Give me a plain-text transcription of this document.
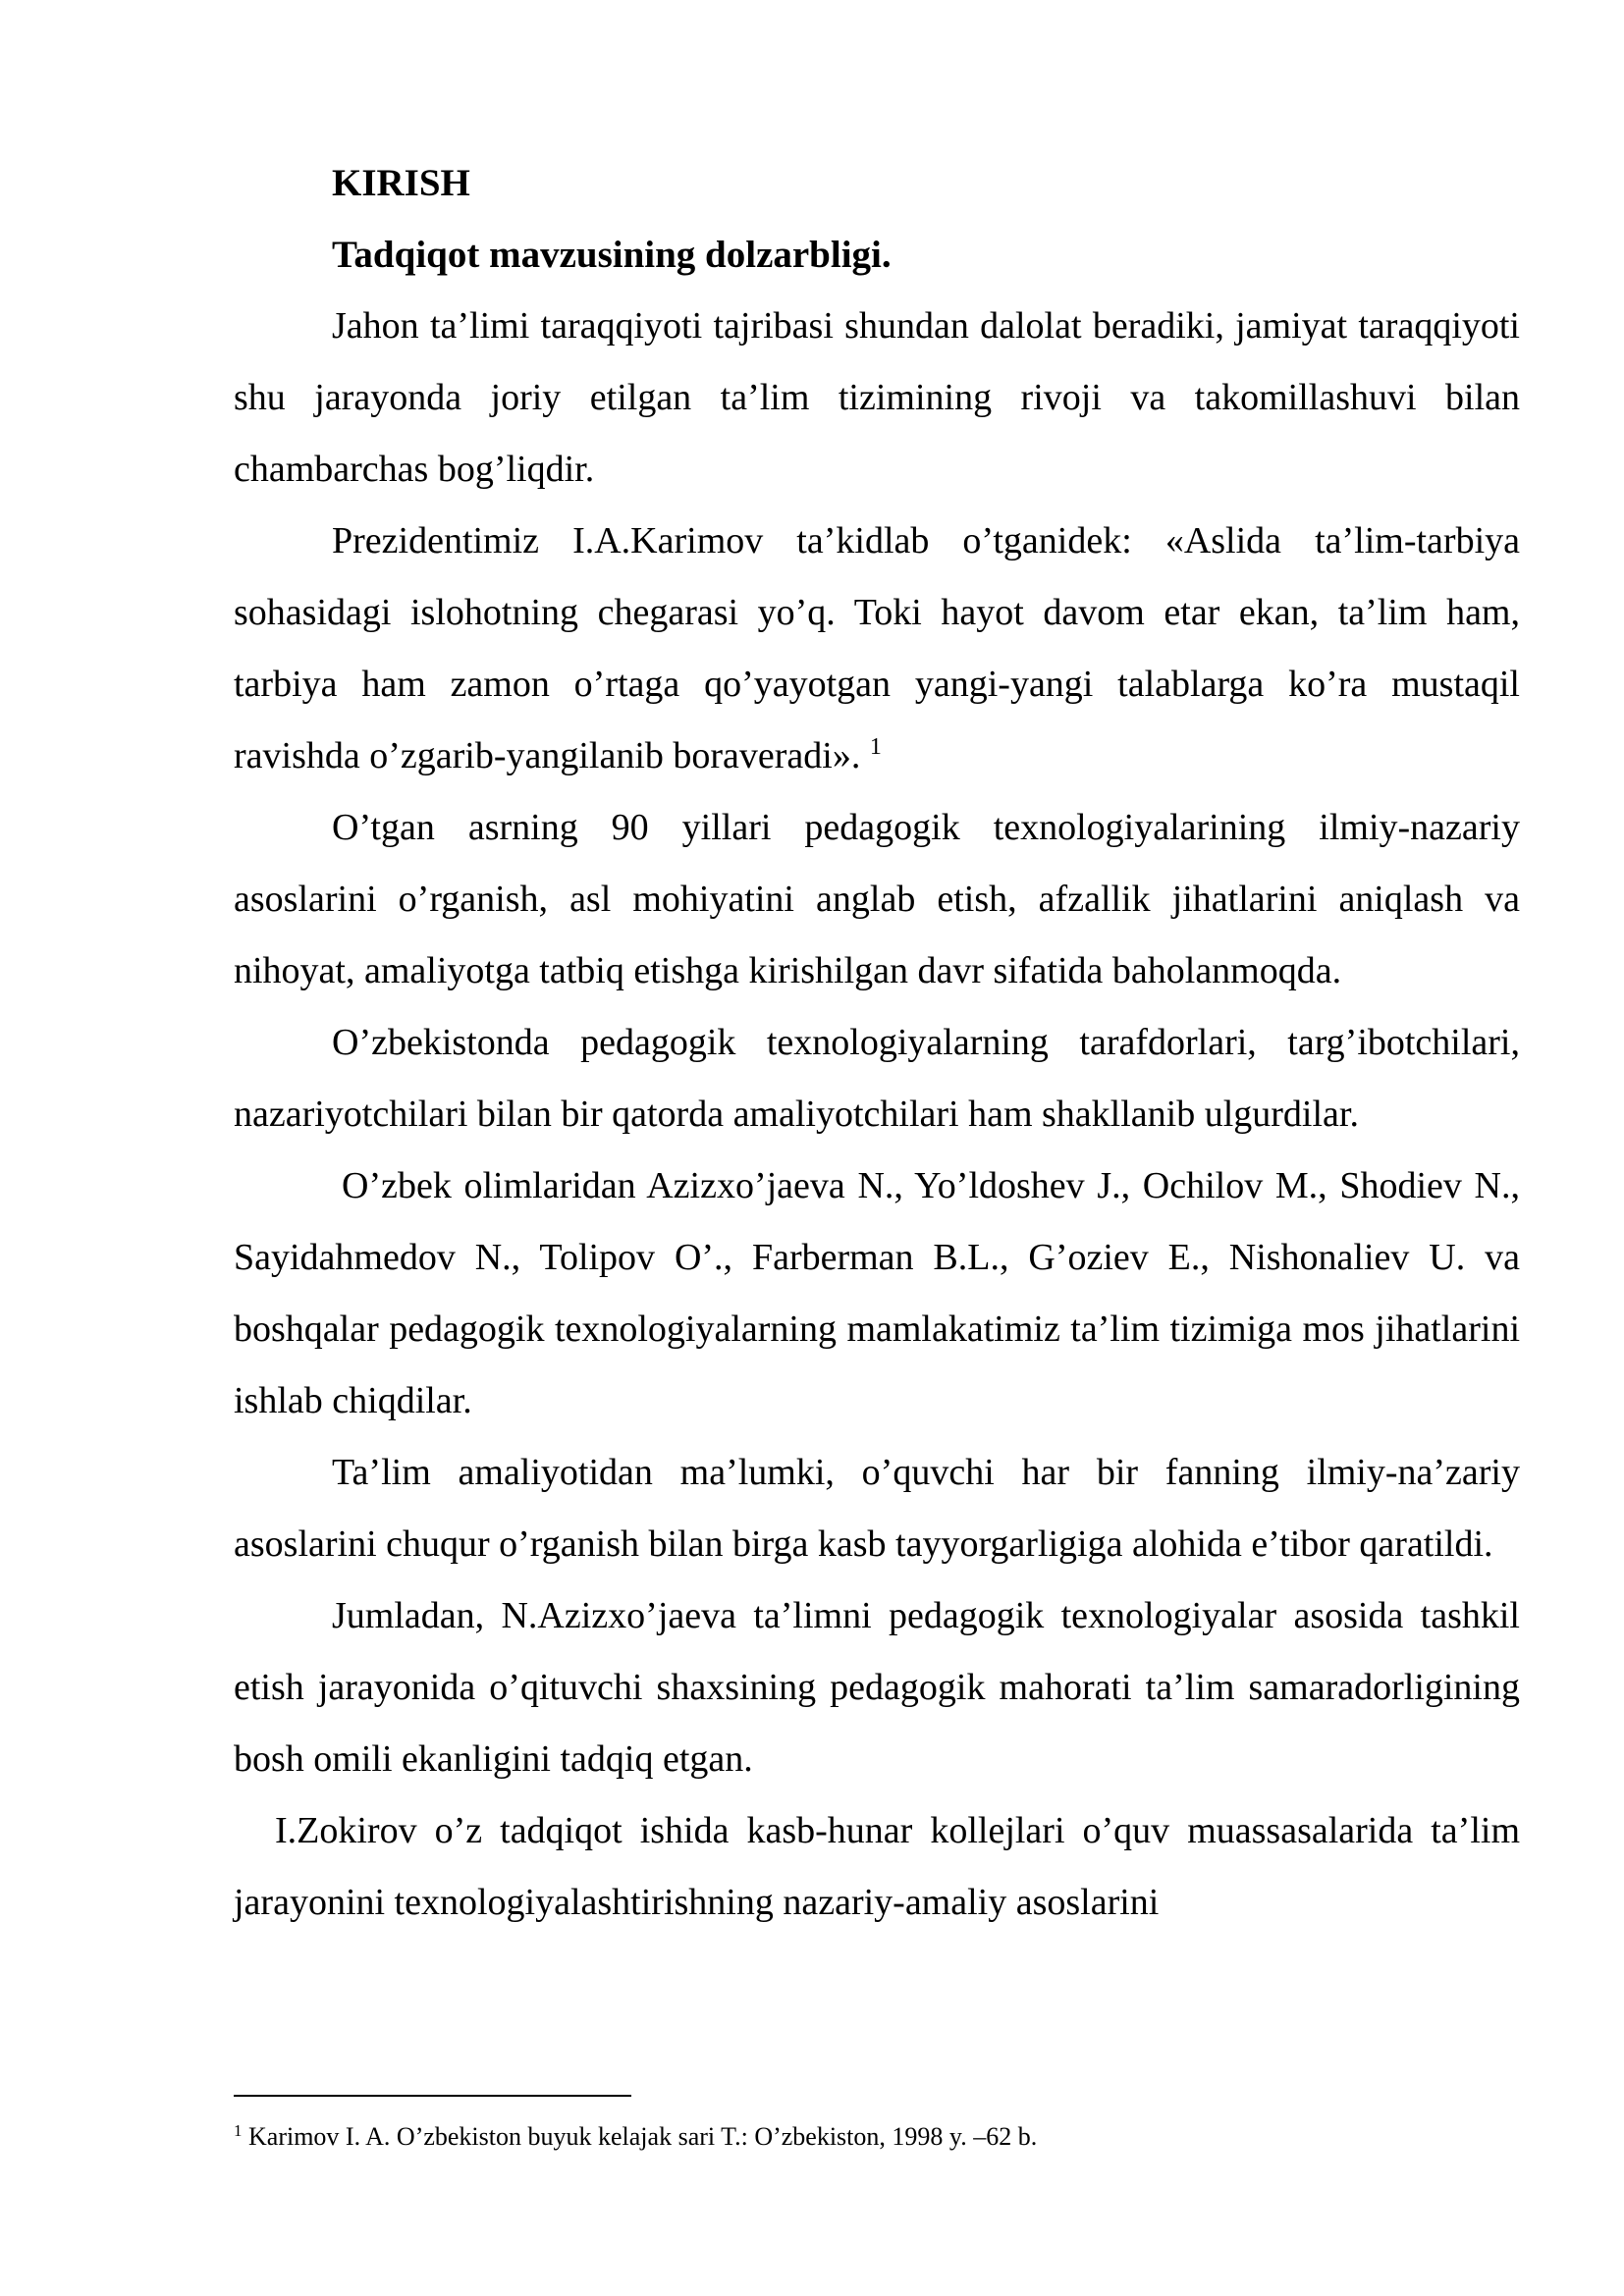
KIRISH
Tadqiqot mavzusining dolzarbligi.

Jahon ta’limi taraqqiyoti tajribasi shundan dalolat beradiki, jamiyat taraqqiyoti shu jarayonda joriy etilgan ta’lim tizimining rivoji va takomillashuvi bilan chambarchas bog’liqdir.

Prezidentimiz I.A.Karimov ta’kidlab o’tganidek: «Aslida ta’lim-tarbiya sohasidagi islohotning chegarasi yo’q. Toki hayot davom etar ekan, ta’lim ham, tarbiya ham zamon o’rtaga qo’yayotgan yangi-yangi talablarga ko’ra mustaqil ravishda o’zgarib-yangilanib boraveradi». $^1$

O’tgan asrning 90 yillari pedagogik texnologiyalarining ilmiy-nazariy asoslarini o’rganish, asl mohiyatini anglab etish, afzallik jihatlarini aniqlash va nihoyat, amaliyotga tatbiq etishga kirishilgan davr sifatida baholanmoqda.

O’zbekistonda pedagogik texnologiyalarning tarafdorlari, targ’ibotchilari, nazariyotchilari bilan bir qatorda amaliyotchilari ham shakllanib ulgurdilar.

O’zbek olimlaridan Azizxo’jaeva N., Yo’ldoshev J., Ochilov M., Shodiev N., Sayidahmedov N., Tolipov O’., Farberman B.L., G’oziev E., Nishonaliev U. va boshqalar pedagogik texnologiyalarning mamlakatimiz ta’lim tizimiga mos jihatlarini ishlab chiqdilar.

Ta’lim amaliyotidan ma’lumki, o’quvchi har bir fanning ilmiy-na’zariy asoslarini chuqur o’rganish bilan birga kasb tayyorgarligiga alohida e’tibor qaratildi.

Jumladan, N.Azizxo’jaeva ta’limni pedagogik texnologiyalar asosida tashkil etish jarayonida o’qituvchi shaxsining pedagogik mahorati ta’lim samaradorligining bosh omili ekanligini tadqiq etgan.

I.Zokirov o’z tadqiqot ishida kasb-hunar kollejlari o’quv muassasalarida ta’lim jarayonini texnologiyalashtirishning nazariy-amaliy asoslarini

$^1$ Karimov I. A. O’zbekiston buyuk kelajak sari T.: O’zbekiston, 1998 y. –62 b.
